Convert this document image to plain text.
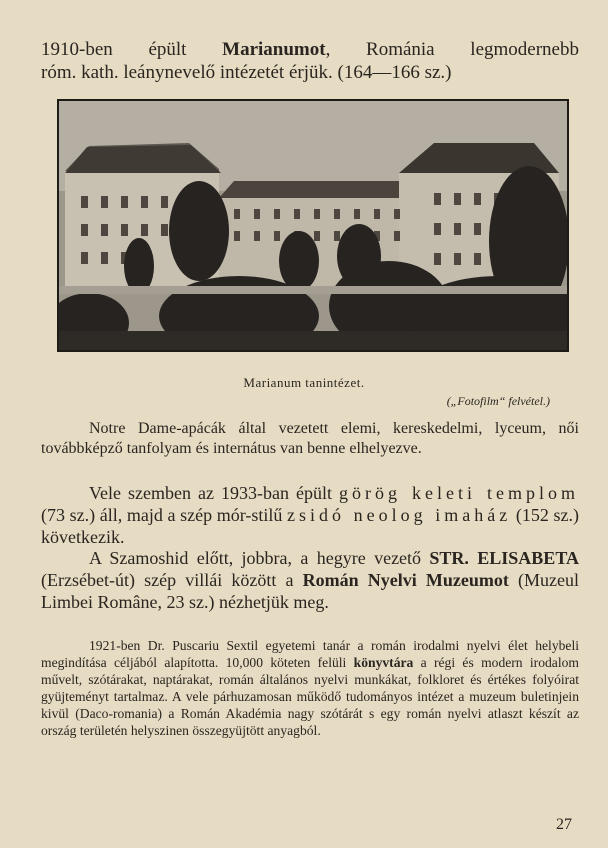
1910-ben épült Marianumot, Románia legmodernebb
róm. kath. leánynevelő intézetét érjük. (164—166 sz.)
Marianum tanintézet.
(„Fotofilm“ felvétel.)

Notre Dame-apácák által vezetett elemi, kereskedelmi, lyceum, női továbbképző tanfolyam és internátus van benne elhelyezve.

Vele szemben az 1933-ban épült görög keleti templom (73 sz.) áll, majd a szép mór-stilű zsidó neolog imaház (152 sz.) következik.

A Szamoshid előtt, jobbra, a hegyre vezető STR. ELISABETA (Erzsébet-út) szép villái között a Román Nyelvi Muzeumot (Muzeul Limbei Române, 23 sz.) nézhetjük meg.

1921-ben Dr. Puscariu Sextil egyetemi tanár a román irodalmi nyelvi élet helybeli megindítása céljából alapította. 10,000 köteten felüli könyvtára a régi és modern irodalom művelt, szótárakat, naptárakat, román általános nyelvi munkákat, folkloret és értékes folyóirat gyüjteményt tartalmaz. A vele párhuzamosan működő tudományos intézet a muzeum buletinjein kivül (Daco-romania) a Román Akadémia nagy szótárát s egy román nyelvi atlaszt készít az ország területén helyszinen összegyüjtött anyagból.

27
